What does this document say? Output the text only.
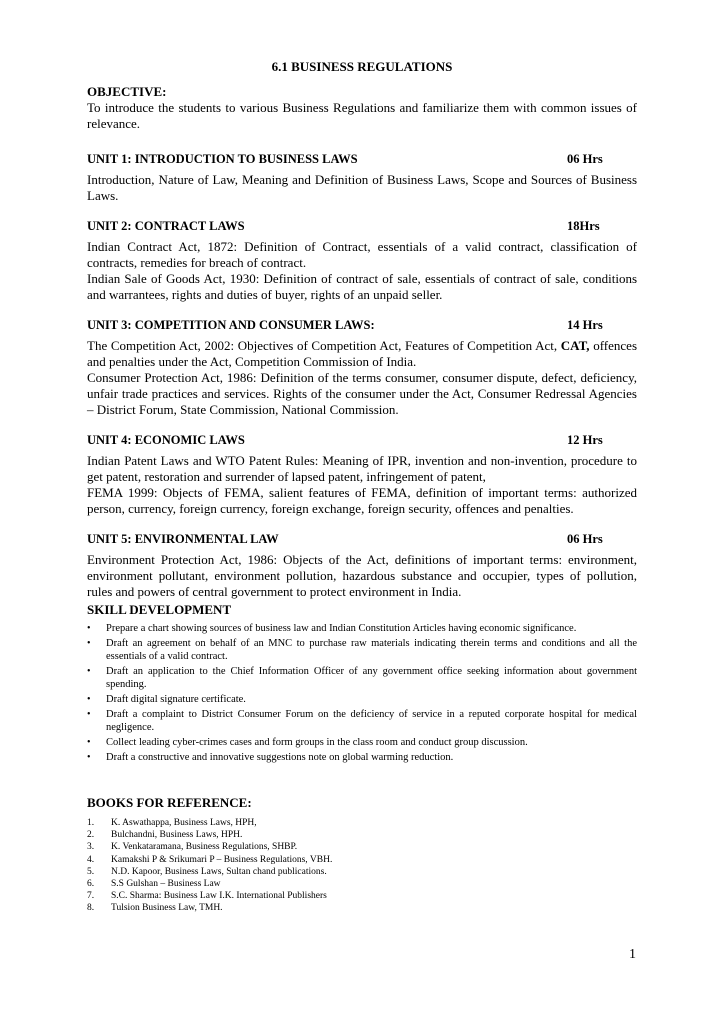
6.1 BUSINESS REGULATIONS
OBJECTIVE:
To introduce the students to various Business Regulations and familiarize them with common issues of relevance.
UNIT 1: INTRODUCTION TO BUSINESS LAWS	06 Hrs
Introduction, Nature of Law, Meaning and Definition of Business Laws, Scope and Sources of Business Laws.
UNIT 2: CONTRACT LAWS	18Hrs
Indian Contract Act, 1872: Definition of Contract, essentials of a valid contract, classification of contracts, remedies for breach of contract.
Indian Sale of Goods Act, 1930: Definition of contract of sale, essentials of contract of sale, conditions and warrantees, rights and duties of buyer, rights of an unpaid seller.
UNIT 3: COMPETITION AND CONSUMER LAWS:	14 Hrs
The Competition Act, 2002: Objectives of Competition Act, Features of Competition Act, CAT, offences and penalties under the Act, Competition Commission of India.
Consumer Protection Act, 1986: Definition of the terms consumer, consumer dispute, defect, deficiency, unfair trade practices and services. Rights of the consumer under the Act, Consumer Redressal Agencies – District Forum, State Commission, National Commission.
UNIT 4: ECONOMIC LAWS	12 Hrs
Indian Patent Laws and WTO Patent Rules: Meaning of IPR, invention and non-invention, procedure to get patent, restoration and surrender of lapsed patent, infringement of patent,
FEMA 1999: Objects of FEMA, salient features of FEMA, definition of important terms: authorized person, currency, foreign currency, foreign exchange, foreign security, offences and penalties.
UNIT 5: ENVIRONMENTAL LAW	06 Hrs
Environment Protection Act, 1986: Objects of the Act, definitions of important terms: environment, environment pollutant, environment pollution, hazardous substance and occupier, types of pollution, rules and powers of central government to protect environment in India.
SKILL DEVELOPMENT
• Prepare a chart showing sources of business law and Indian Constitution Articles having economic significance.
• Draft an agreement on behalf of an MNC to purchase raw materials indicating therein terms and conditions and all the essentials of a valid contract.
• Draft an application to the Chief Information Officer of any government office seeking information about government spending.
• Draft digital signature certificate.
• Draft a complaint to District Consumer Forum on the deficiency of service in a reputed corporate hospital for medical negligence.
• Collect leading cyber-crimes cases and form groups in the class room and conduct group discussion.
• Draft a constructive and innovative suggestions note on global warming reduction.
BOOKS FOR REFERENCE:
1.	K. Aswathappa, Business Laws, HPH,
2.	Bulchandni, Business Laws, HPH.
3.	K. Venkataramana, Business Regulations, SHBP.
4.	Kamakshi P & Srikumari P – Business Regulations, VBH.
5.	N.D. Kapoor, Business Laws, Sultan chand publications.
6.	S.S Gulshan – Business Law
7.	S.C. Sharma: Business Law I.K. International Publishers
8.	Tulsion Business Law, TMH.
1
